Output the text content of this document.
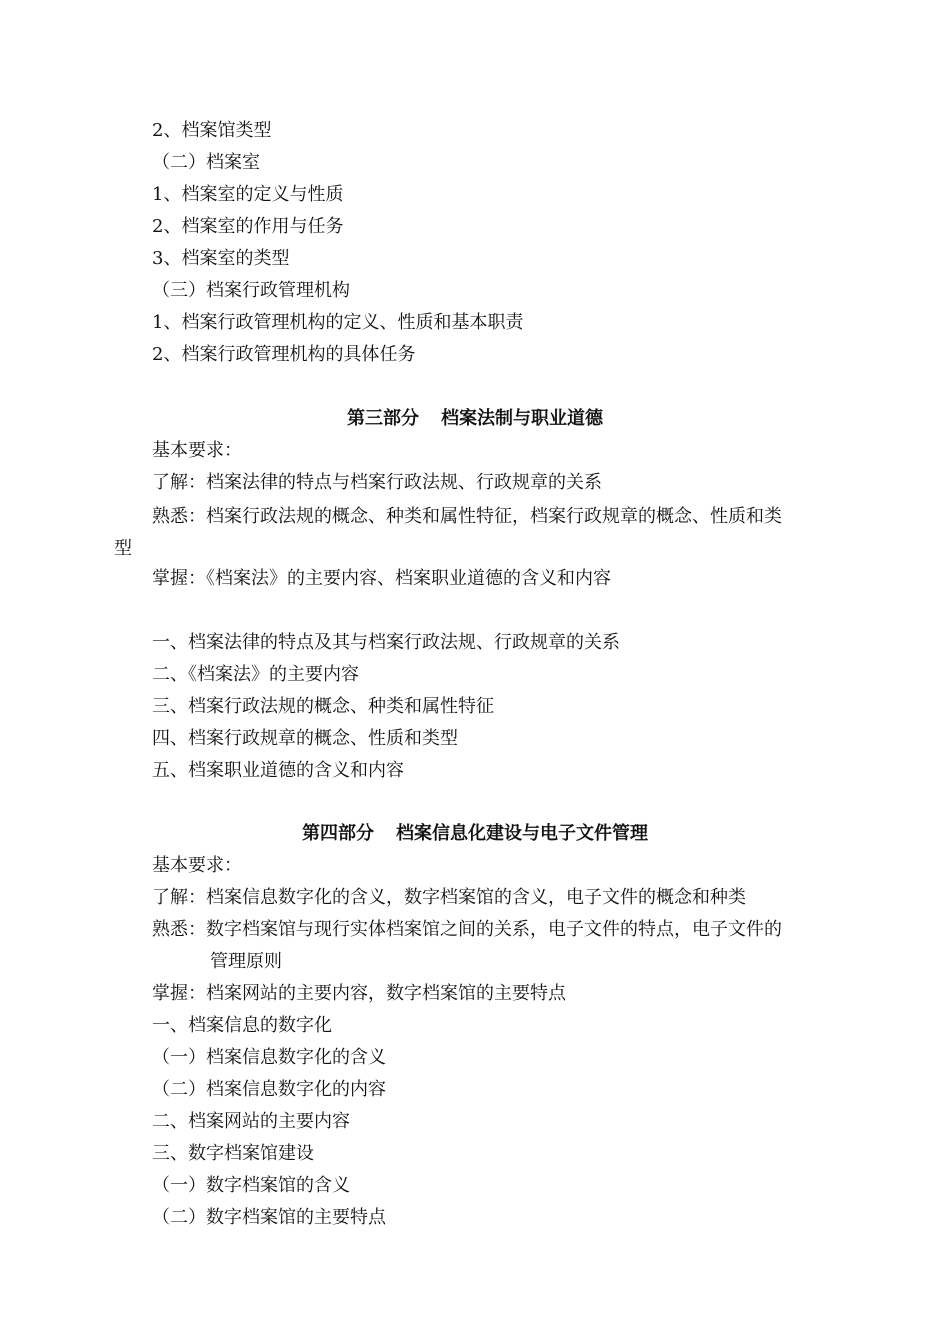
2、档案馆类型
（二）档案室
1、档案室的定义与性质
2、档案室的作用与任务
3、档案室的类型
（三）档案行政管理机构
1、档案行政管理机构的定义、性质和基本职责
2、档案行政管理机构的具体任务
第三部分 档案法制与职业道德
基本要求：
了解：档案法律的特点与档案行政法规、行政规章的关系
熟悉：档案行政法规的概念、种类和属性特征，档案行政规章的概念、性质和类
型
掌握：《档案法》的主要内容、档案职业道德的含义和内容
一、档案法律的特点及其与档案行政法规、行政规章的关系
二、《档案法》的主要内容
三、档案行政法规的概念、种类和属性特征
四、档案行政规章的概念、性质和类型
五、档案职业道德的含义和内容
第四部分 档案信息化建设与电子文件管理
基本要求：
了解：档案信息数字化的含义，数字档案馆的含义，电子文件的概念和种类
熟悉：数字档案馆与现行实体档案馆之间的关系，电子文件的特点，电子文件的
管理原则
掌握：档案网站的主要内容，数字档案馆的主要特点
一、档案信息的数字化
（一）档案信息数字化的含义
（二）档案信息数字化的内容
二、档案网站的主要内容
三、数字档案馆建设
（一）数字档案馆的含义
（二）数字档案馆的主要特点
